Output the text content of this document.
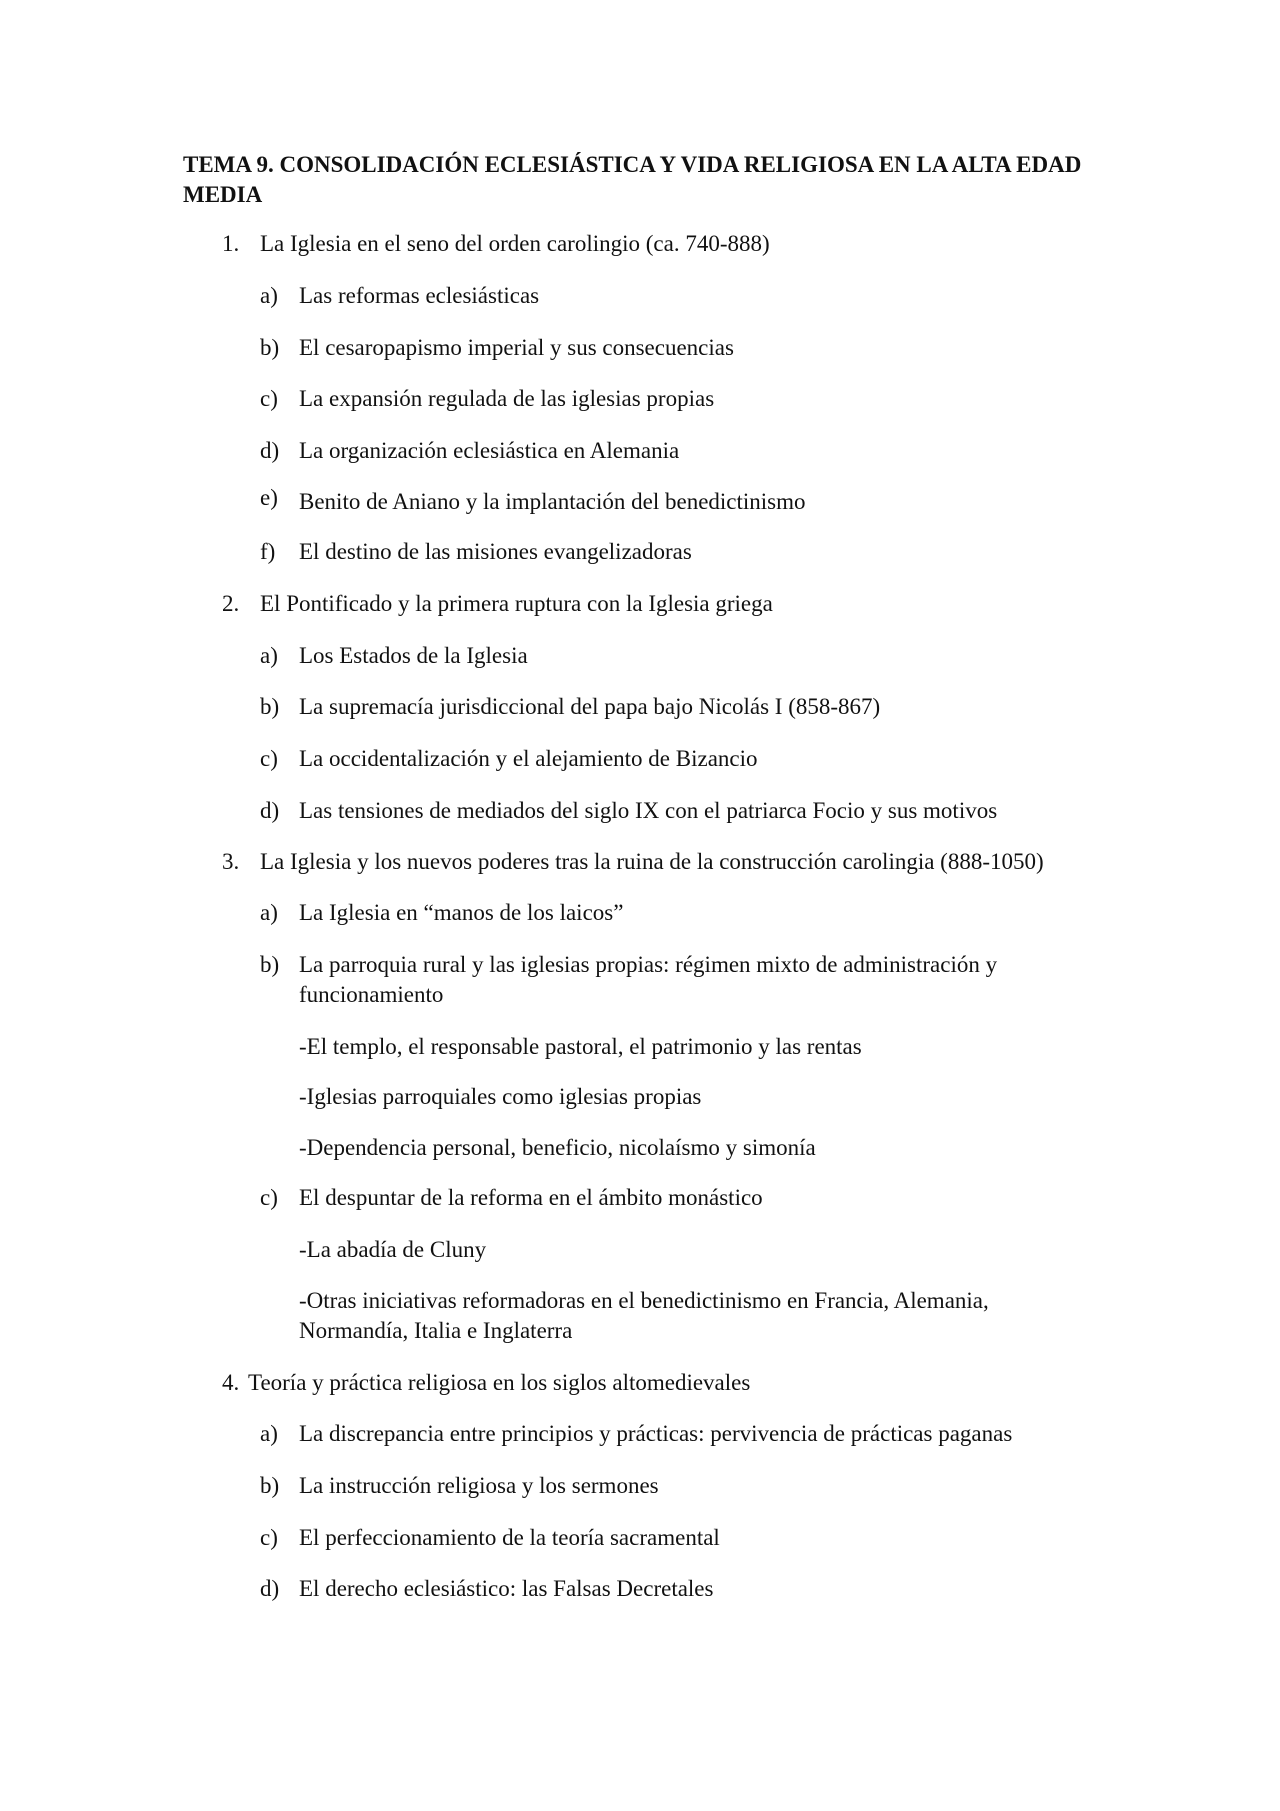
TEMA 9. CONSOLIDACIÓN ECLESIÁSTICA Y VIDA RELIGIOSA EN LA ALTA EDAD MEDIA
1. La Iglesia en el seno del orden carolingio (ca. 740-888)
a) Las reformas eclesiásticas
b) El cesaropapismo imperial y sus consecuencias
c) La expansión regulada de las iglesias propias
d) La organización eclesiástica en Alemania
e) Benito de Aniano y la implantación del benedictinismo
f) El destino de las misiones evangelizadoras
2. El Pontificado y la primera ruptura con la Iglesia griega
a) Los Estados de la Iglesia
b) La supremacía jurisdiccional del papa bajo Nicolás I (858-867)
c) La occidentalización y el alejamiento de Bizancio
d) Las tensiones de mediados del siglo IX con el patriarca Focio y sus motivos
3. La Iglesia y los nuevos poderes tras la ruina de la construcción carolingia (888-1050)
a) La Iglesia en “manos de los laicos”
b) La parroquia rural y las iglesias propias: régimen mixto de administración y funcionamiento
-El templo, el responsable pastoral, el patrimonio y las rentas
-Iglesias parroquiales como iglesias propias
-Dependencia personal, beneficio, nicolaísmo y simonía
c) El despuntar de la reforma en el ámbito monástico
-La abadía de Cluny
-Otras iniciativas reformadoras en el benedictinismo en Francia, Alemania, Normandía, Italia e Inglaterra
4. Teoría y práctica religiosa en los siglos altomedievales
a) La discrepancia entre principios y prácticas: pervivencia de prácticas paganas
b) La instrucción religiosa y los sermones
c) El perfeccionamiento de la teoría sacramental
d) El derecho eclesiástico: las Falsas Decretales
